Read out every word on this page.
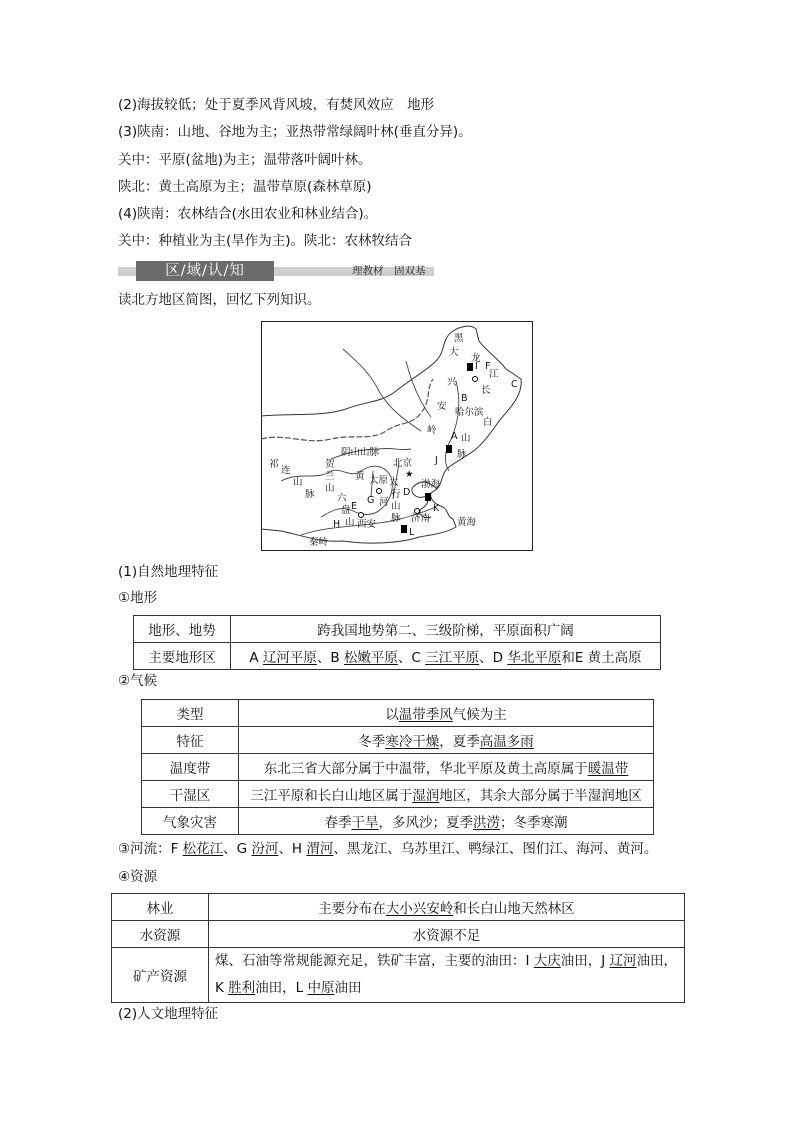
(2)海拔较低；处于夏季风背风坡，有焚风效应　地形
(3)陕南：山地、谷地为主；亚热带常绿阔叶林(垂直分异)。
关中：平原(盆地)为主；温带落叶阔叶林。
陕北：黄土高原为主；温带草原(森林草原)
(4)陕南：农林结合(水田农业和林业结合)。
关中：种植业为主(旱作为主)。陕北：农林牧结合
区/域/认/知	理教材　固双基
读北方地区简图，回忆下列知识。
黑
大
龙
兴
江
安
岭
I F
C
B
哈尔滨
长
白
A 山
脉
J
阴山山脉
北京
★
祁
连
山
脉
贺
兰
山
黄 太原 太
行
山
脉
G 河
D
渤海
K
六
盘
山
E
H 西安
济南	黄海
L
秦岭
(1)自然地理特征
①地形
地形、地势	跨我国地势第二、三级阶梯，平原面积广阔
主要地形区	A 辽河平原、B 松嫩平原、C 三江平原、D 华北平原和E 黄土高原
②气候
类型	以温带季风气候为主
特征	冬季寒冷干燥，夏季高温多雨
温度带	东北三省大部分属于中温带，华北平原及黄土高原属于暖温带
干湿区	三江平原和长白山地区属于湿润地区，其余大部分属于半湿润地区
气象灾害	春季干旱，多风沙；夏季洪涝；冬季寒潮
③河流：F 松花江、G 汾河、H 渭河、黑龙江、乌苏里江、鸭绿江、图们江、海河、黄河。
④资源
林业	主要分布在大小兴安岭和长白山地天然林区
水资源	水资源不足
矿产资源	煤、石油等常规能源充足，铁矿丰富，主要的油田：I 大庆油田，J 辽河油田，
K 胜利油田，L 中原油田
(2)人文地理特征
